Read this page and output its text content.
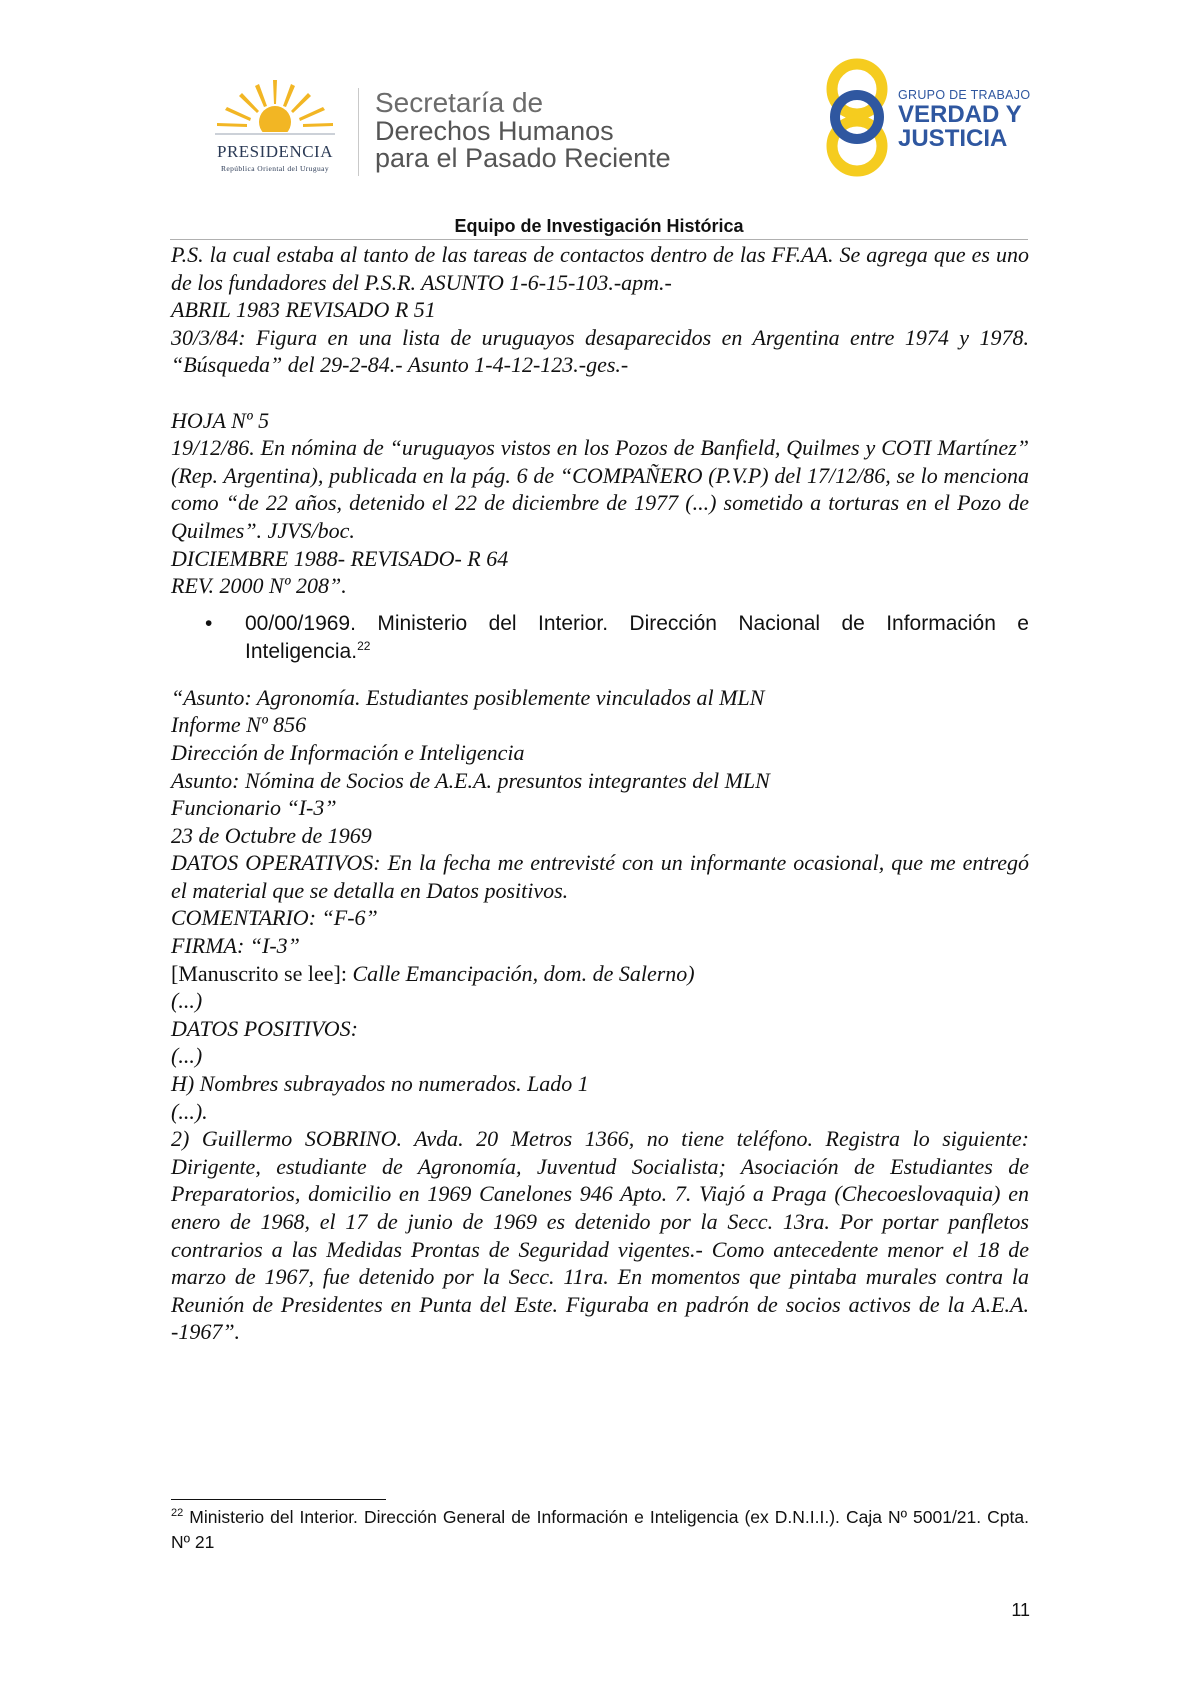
PRESIDENCIA
República Oriental del Uruguay
Secretaría de
Derechos Humanos
para el Pasado Reciente
GRUPO DE TRABAJO
VERDAD Y
JUSTICIA
Equipo de Investigación Histórica

P.S. la cual estaba al tanto de las tareas de contactos dentro de las FF.AA. Se agrega que es uno de los fundadores del P.S.R. ASUNTO 1-6-15-103.-apm.-

ABRIL 1983 REVISADO R 51

30/3/84: Figura en una lista de uruguayos desaparecidos en Argentina entre 1974 y 1978. “Búsqueda” del 29-2-84.- Asunto 1-4-12-123.-ges.-

HOJA Nº 5

19/12/86. En nómina de “uruguayos vistos en los Pozos de Banfield, Quilmes y COTI Martínez” (Rep. Argentina), publicada en la pág. 6 de “COMPAÑERO (P.V.P) del 17/12/86, se lo menciona como “de 22 años, detenido el 22 de diciembre de 1977 (...) sometido a torturas en el Pozo de Quilmes”. JJVS/boc.

DICIEMBRE 1988- REVISADO- R 64

REV. 2000 Nº 208”.

• 00/00/1969. Ministerio del Interior. Dirección Nacional de Información e Inteligencia.$^{22}$

“Asunto: Agronomía. Estudiantes posiblemente vinculados al MLN

Informe Nº 856

Dirección de Información e Inteligencia

Asunto: Nómina de Socios de A.E.A. presuntos integrantes del MLN

Funcionario “I-3”

23 de Octubre de 1969

DATOS OPERATIVOS: En la fecha me entrevisté con un informante ocasional, que me entregó el material que se detalla en Datos positivos.

COMENTARIO: “F-6”

FIRMA: “I-3”

[Manuscrito se lee]: Calle Emancipación, dom. de Salerno)

(...)

DATOS POSITIVOS:

(...)

H) Nombres subrayados no numerados. Lado 1

(...).

2) Guillermo SOBRINO. Avda. 20 Metros 1366, no tiene teléfono. Registra lo siguiente: Dirigente, estudiante de Agronomía, Juventud Socialista; Asociación de Estudiantes de Preparatorios, domicilio en 1969 Canelones 946 Apto. 7. Viajó a Praga (Checoeslovaquia) en enero de 1968, el 17 de junio de 1969 es detenido por la Secc. 13ra. Por portar panfletos contrarios a las Medidas Prontas de Seguridad vigentes.- Como antecedente menor el 18 de marzo de 1967, fue detenido por la Secc. 11ra. En momentos que pintaba murales contra la Reunión de Presidentes en Punta del Este. Figuraba en padrón de socios activos de la A.E.A. -1967”.

$^{22}$ Ministerio del Interior. Dirección General de Información e Inteligencia (ex D.N.I.I.). Caja Nº 5001/21. Cpta. Nº 21
11
